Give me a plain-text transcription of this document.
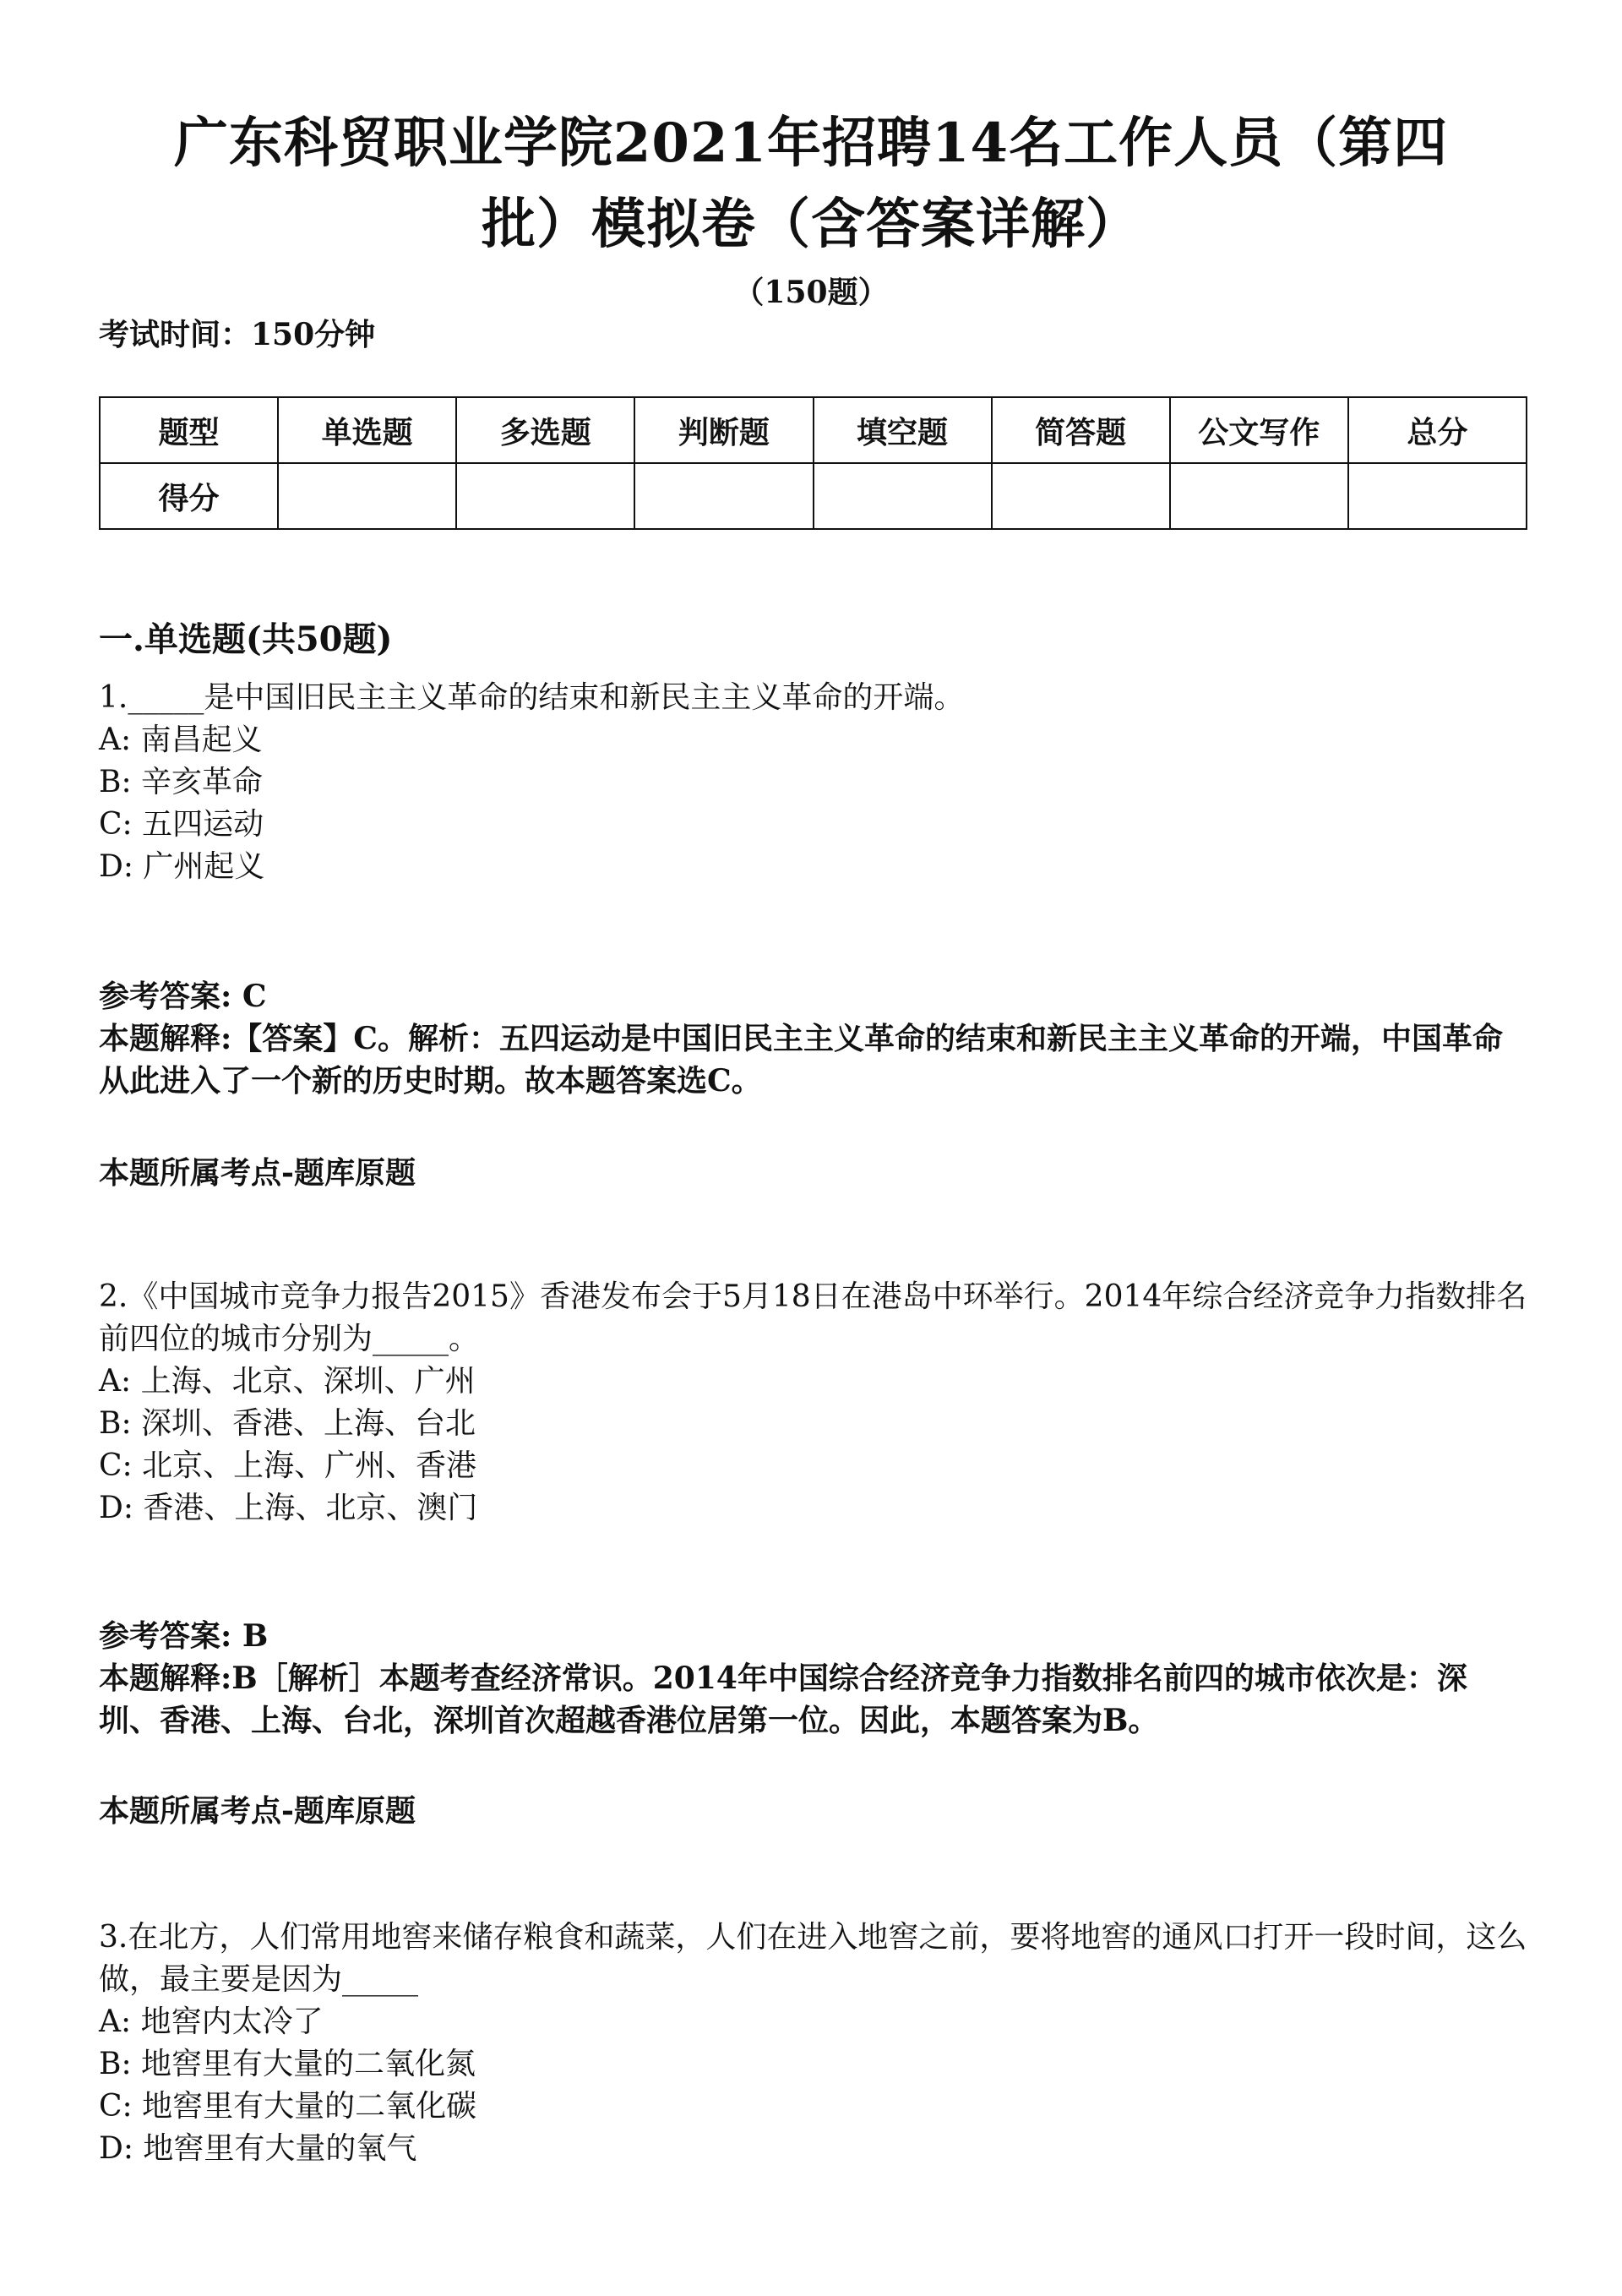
广东科贸职业学院2021年招聘14名工作人员（第四
批）模拟卷（含答案详解）
（150题）
考试时间：150分钟
题型	单选题	多选题	判断题	填空题	简答题	公文写作	总分
得分							
一.单选题(共50题)

1._____是中国旧民主主义革命的结束和新民主主义革命的开端。

A: 南昌起义

B: 辛亥革命

C: 五四运动

D: 广州起义

参考答案: C

本题解释:【答案】C。解析：五四运动是中国旧民主主义革命的结束和新民主主义革命的开端，中国革命从此进入了一个新的历史时期。故本题答案选C。

本题所属考点-题库原题

2.《中国城市竞争力报告2015》香港发布会于5月18日在港岛中环举行。2014年综合经济竞争力指数排名前四位的城市分别为_____。

A: 上海、北京、深圳、广州

B: 深圳、香港、上海、台北

C: 北京、上海、广州、香港

D: 香港、上海、北京、澳门

参考答案: B

本题解释:B［解析］本题考查经济常识。2014年中国综合经济竞争力指数排名前四的城市依次是：深圳、香港、上海、台北，深圳首次超越香港位居第一位。因此，本题答案为B。

本题所属考点-题库原题

3.在北方，人们常用地窖来储存粮食和蔬菜，人们在进入地窖之前，要将地窖的通风口打开一段时间，这么做，最主要是因为_____

A: 地窖内太冷了

B: 地窖里有大量的二氧化氮

C: 地窖里有大量的二氧化碳

D: 地窖里有大量的氧气
